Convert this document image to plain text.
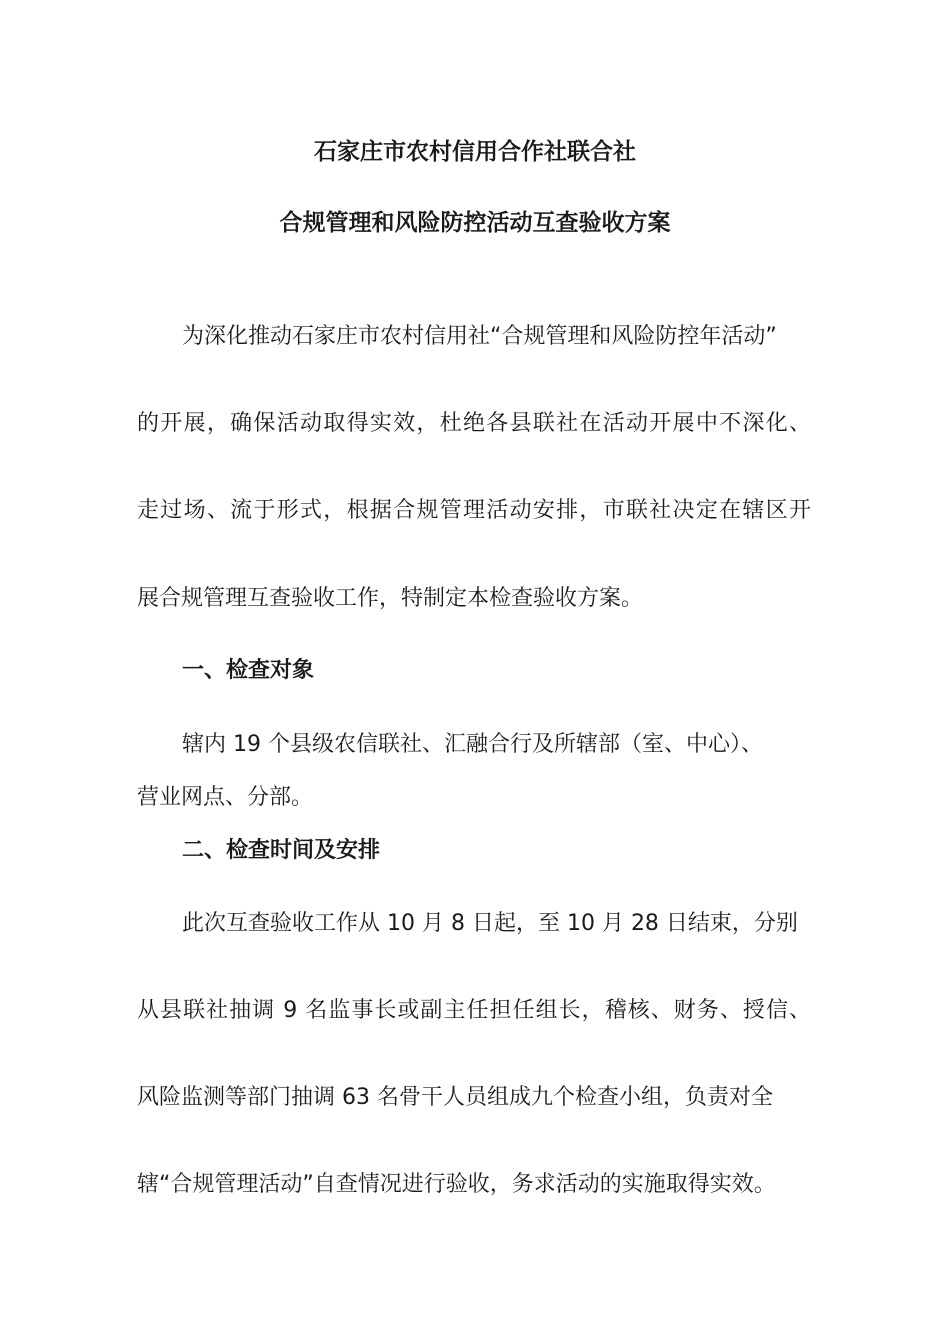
石家庄市农村信用合作社联合社
合规管理和风险防控活动互查验收方案

为深化推动石家庄市农村信用社“合规管理和风险防控年活动”

的开展，确保活动取得实效，杜绝各县联社在活动开展中不深化、

走过场、流于形式，根据合规管理活动安排，市联社决定在辖区开

展合规管理互查验收工作，特制定本检查验收方案。

一、检查对象

辖内 19 个县级农信联社、汇融合行及所辖部（室、中心）、

营业网点、分部。

二、检查时间及安排

此次互查验收工作从 10 月 8 日起，至 10 月 28 日结束，分别

从县联社抽调 9 名监事长或副主任担任组长，稽核、财务、授信、

风险监测等部门抽调 63 名骨干人员组成九个检查小组，负责对全

辖“合规管理活动”自查情况进行验收，务求活动的实施取得实效。
